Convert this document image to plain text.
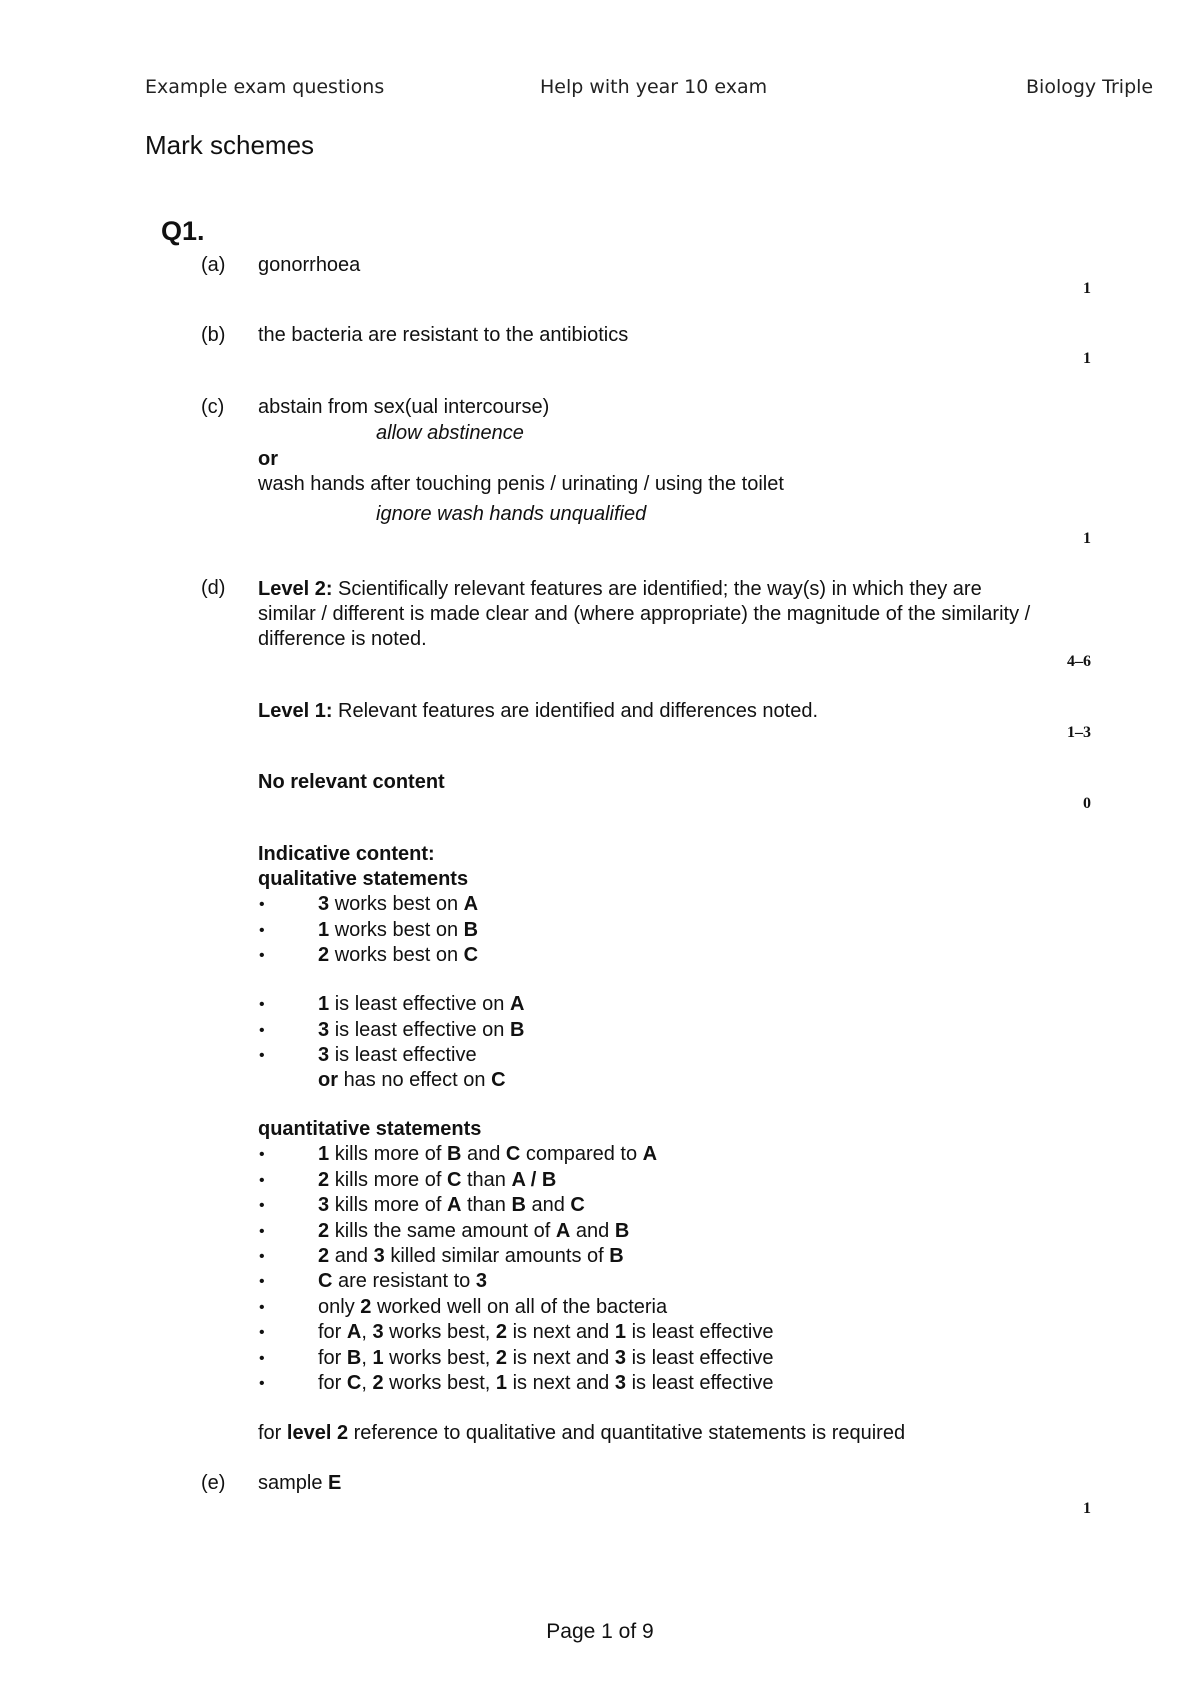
Example exam questions	Help with year 10 exam	Biology Triple
Mark schemes
Q1.
(a) gonorrhoea
1
(b) the bacteria are resistant to the antibiotics
1
(c) abstain from sex(ual intercourse)
allow abstinence
or
wash hands after touching penis / urinating / using the toilet
ignore wash hands unqualified
1
(d) Level 2: Scientifically relevant features are identified; the way(s) in which they are similar / different is made clear and (where appropriate) the magnitude of the similarity / difference is noted.
4–6
Level 1: Relevant features are identified and differences noted.
1–3
No relevant content
0
Indicative content:
qualitative statements
•	3 works best on A
•	1 works best on B
•	2 works best on C
•	1 is least effective on A
•	3 is least effective on B
•	3 is least effective
or has no effect on C
quantitative statements
•	1 kills more of B and C compared to A
•	2 kills more of C than A / B
•	3 kills more of A than B and C
•	2 kills the same amount of A and B
•	2 and 3 killed similar amounts of B
•	C are resistant to 3
•	only 2 worked well on all of the bacteria
•	for A, 3 works best, 2 is next and 1 is least effective
•	for B, 1 works best, 2 is next and 3 is least effective
•	for C, 2 works best, 1 is next and 3 is least effective
for level 2 reference to qualitative and quantitative statements is required
(e) sample E
1
Page 1 of 9
